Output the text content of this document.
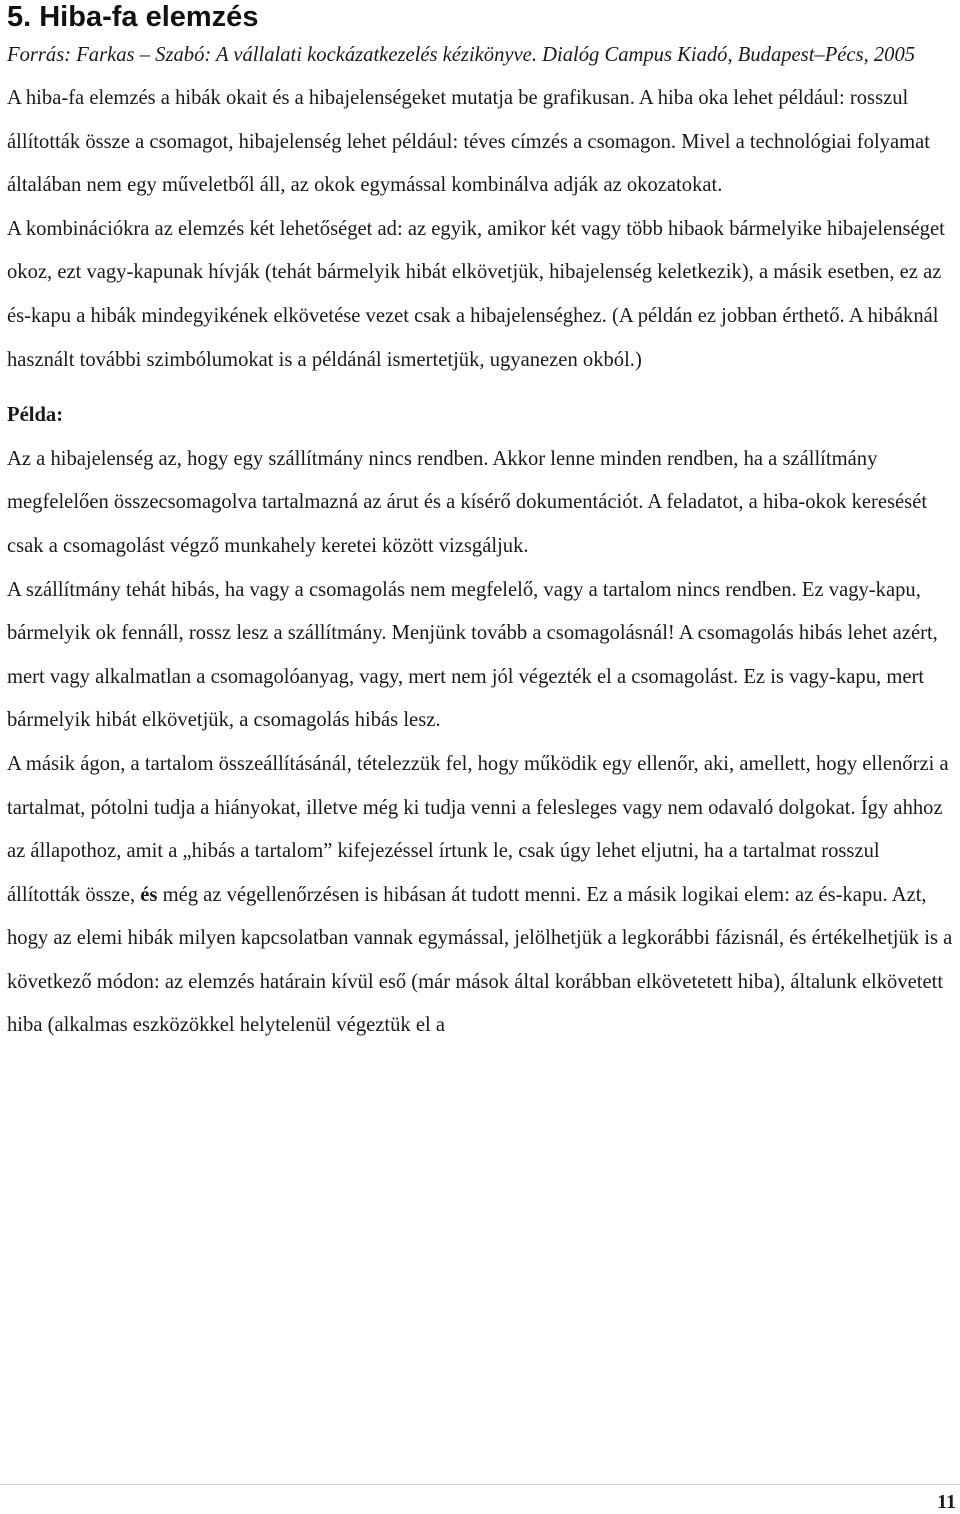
5. Hiba-fa elemzés

Forrás: Farkas – Szabó: A vállalati kockázatkezelés kézikönyve. Dialóg Campus Kiadó, Budapest–Pécs, 2005

A hiba-fa elemzés a hibák okait és a hibajelenségeket mutatja be grafikusan. A hiba oka lehet például: rosszul állították össze a csomagot, hibajelenség lehet például: téves címzés a csomagon. Mivel a technológiai folyamat általában nem egy műveletből áll, az okok egymással kombinálva adják az okozatokat.

A kombinációkra az elemzés két lehetőséget ad: az egyik, amikor két vagy több hibaok bármelyike hibajelenséget okoz, ezt vagy-kapunak hívják (tehát bármelyik hibát elkövetjük, hibajelenség keletkezik), a másik esetben, ez az és-kapu a hibák mindegyikének elkövetése vezet csak a hibajelenséghez. (A példán ez jobban érthető. A hibáknál használt további szimbólumokat is a példánál ismertetjük, ugyanezen okból.)

Példa:

Az a hibajelenség az, hogy egy szállítmány nincs rendben. Akkor lenne minden rendben, ha a szállítmány megfelelően összecsomagolva tartalmazná az árut és a kísérő dokumentációt. A feladatot, a hiba-okok keresését csak a csomagolást végző munkahely keretei között vizsgáljuk.

A szállítmány tehát hibás, ha vagy a csomagolás nem megfelelő, vagy a tartalom nincs rendben. Ez vagy-kapu, bármelyik ok fennáll, rossz lesz a szállítmány. Menjünk tovább a csomagolásnál! A csomagolás hibás lehet azért, mert vagy alkalmatlan a csomagolóanyag, vagy, mert nem jól végezték el a csomagolást. Ez is vagy-kapu, mert bármelyik hibát elkövetjük, a csomagolás hibás lesz.

A másik ágon, a tartalom összeállításánál, tételezzük fel, hogy működik egy ellenőr, aki, amellett, hogy ellenőrzi a tartalmat, pótolni tudja a hiányokat, illetve még ki tudja venni a felesleges vagy nem odavaló dolgokat. Így ahhoz az állapothoz, amit a „hibás a tartalom” kifejezéssel írtunk le, csak úgy lehet eljutni, ha a tartalmat rosszul állították össze, és még az végellenőrzésen is hibásan át tudott menni. Ez a másik logikai elem: az és-kapu. Azt, hogy az elemi hibák milyen kapcsolatban vannak egymással, jelölhetjük a legkorábbi fázisnál, és értékelhetjük is a következő módon: az elemzés határain kívül eső (már mások által korábban elkövetetett hiba), általunk elkövetett hiba (alkalmas eszközökkel helytelenül végeztük el a

11
